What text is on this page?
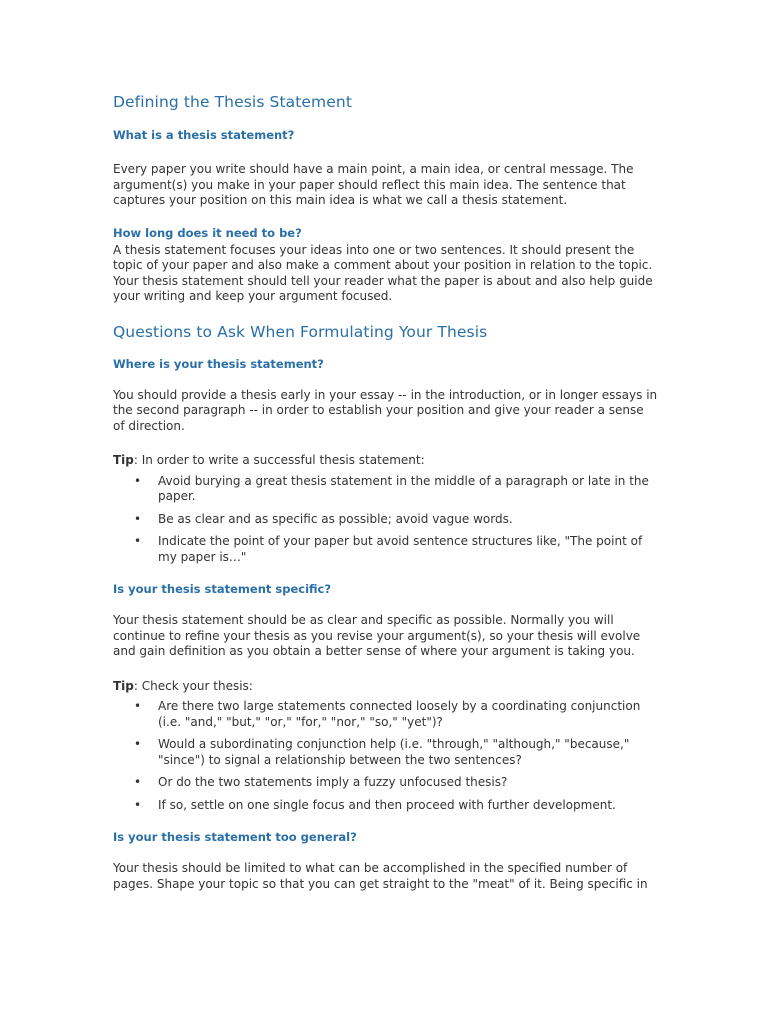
Defining the Thesis Statement
What is a thesis statement?

Every paper you write should have a main point, a main idea, or central message. The argument(s) you make in your paper should reflect this main idea. The sentence that captures your position on this main idea is what we call a thesis statement.

How long does it need to be?

A thesis statement focuses your ideas into one or two sentences. It should present the topic of your paper and also make a comment about your position in relation to the topic. Your thesis statement should tell your reader what the paper is about and also help guide your writing and keep your argument focused.

Questions to Ask When Formulating Your Thesis
Where is your thesis statement?

You should provide a thesis early in your essay -- in the introduction, or in longer essays in the second paragraph -- in order to establish your position and give your reader a sense of direction.

Tip: In order to write a successful thesis statement:

• Avoid burying a great thesis statement in the middle of a paragraph or late in the paper.
• Be as clear and as specific as possible; avoid vague words.
• Indicate the point of your paper but avoid sentence structures like, "The point of my paper is…"
Is your thesis statement specific?

Your thesis statement should be as clear and specific as possible. Normally you will continue to refine your thesis as you revise your argument(s), so your thesis will evolve and gain definition as you obtain a better sense of where your argument is taking you.

Tip: Check your thesis:

• Are there two large statements connected loosely by a coordinating conjunction (i.e. "and," "but," "or," "for," "nor," "so," "yet")?
• Would a subordinating conjunction help (i.e. "through," "although," "because," "since") to signal a relationship between the two sentences?
• Or do the two statements imply a fuzzy unfocused thesis?
• If so, settle on one single focus and then proceed with further development.
Is your thesis statement too general?

Your thesis should be limited to what can be accomplished in the specified number of pages. Shape your topic so that you can get straight to the "meat" of it. Being specific in
